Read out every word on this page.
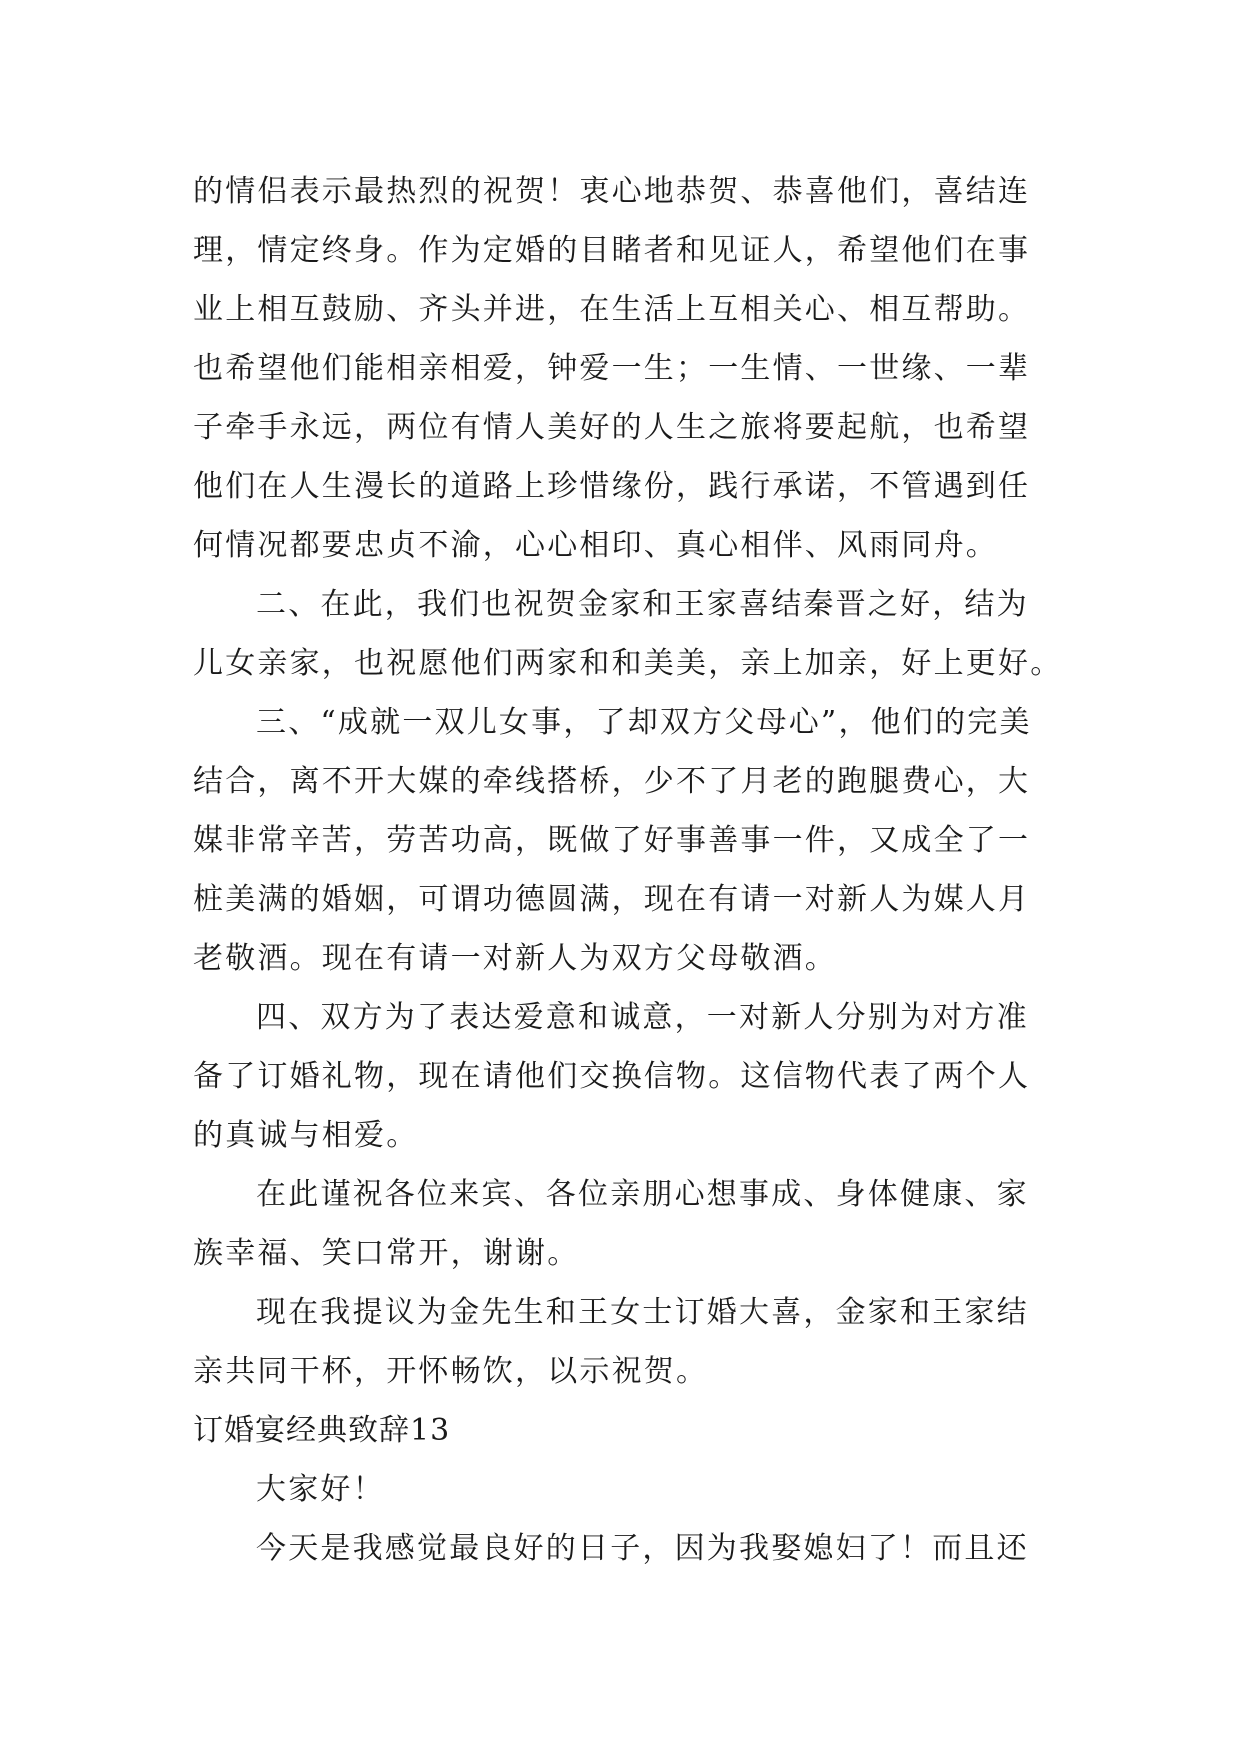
的情侣表示最热烈的祝贺！衷心地恭贺、恭喜他们，喜结连
理，情定终身。作为定婚的目睹者和见证人，希望他们在事
业上相互鼓励、齐头并进，在生活上互相关心、相互帮助。
也希望他们能相亲相爱，钟爱一生；一生情、一世缘、一辈
子牵手永远，两位有情人美好的人生之旅将要起航，也希望
他们在人生漫长的道路上珍惜缘份，践行承诺，不管遇到任
何情况都要忠贞不渝，心心相印、真心相伴、风雨同舟。
二、在此，我们也祝贺金家和王家喜结秦晋之好，结为
儿女亲家，也祝愿他们两家和和美美，亲上加亲，好上更好。
三、“成就一双儿女事，了却双方父母心”，他们的完美
结合，离不开大媒的牵线搭桥，少不了月老的跑腿费心，大
媒非常辛苦，劳苦功高，既做了好事善事一件，又成全了一
桩美满的婚姻，可谓功德圆满，现在有请一对新人为媒人月
老敬酒。现在有请一对新人为双方父母敬酒。
四、双方为了表达爱意和诚意，一对新人分别为对方准
备了订婚礼物，现在请他们交换信物。这信物代表了两个人
的真诚与相爱。
在此谨祝各位来宾、各位亲朋心想事成、身体健康、家
族幸福、笑口常开，谢谢。
现在我提议为金先生和王女士订婚大喜，金家和王家结
亲共同干杯，开怀畅饮，以示祝贺。
订婚宴经典致辞13
大家好！
今天是我感觉最良好的日子，因为我娶媳妇了！而且还
